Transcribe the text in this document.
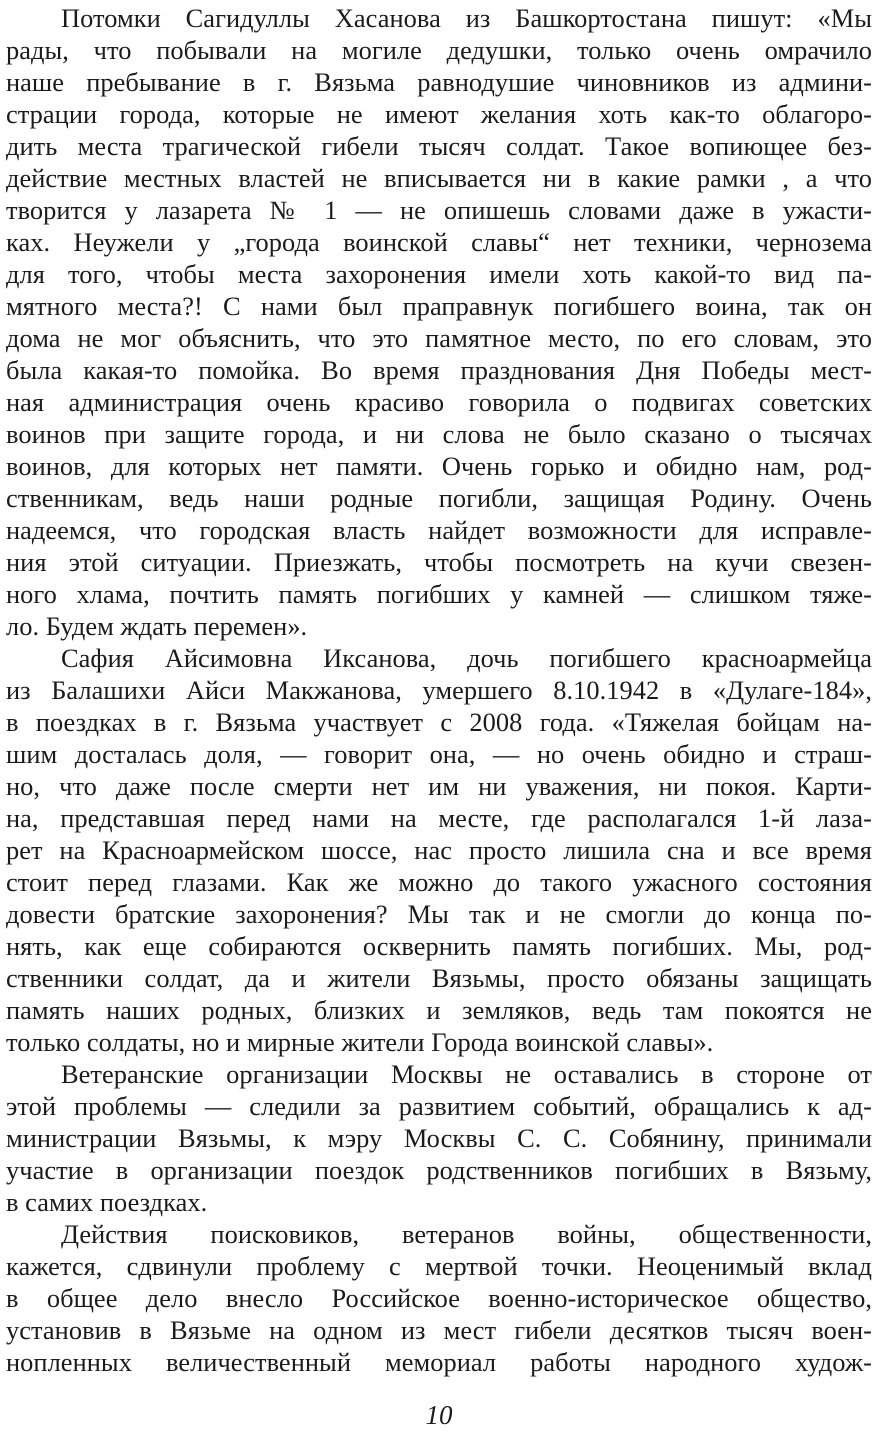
Потомки Сагидуллы Хасанова из Башкортостана пишут: «Мы
рады, что побывали на могиле дедушки, только очень омрачило
наше пребывание в г. Вязьма равнодушие чиновников из админи-
страции города, которые не имеют желания хоть как-то облагоро-
дить места трагической гибели тысяч солдат. Такое вопиющее без-
действие местных властей не вписывается ни в какие рамки , а что
творится у лазарета № 1 — не опишешь словами даже в ужасти-
ках. Неужели у „города воинской славы“ нет техники, чернозема
для того, чтобы места захоронения имели хоть какой-то вид па-
мятного места?! С нами был праправнук погибшего воина, так он
дома не мог объяснить, что это памятное место, по его словам, это
была какая-то помойка. Во время празднования Дня Победы мест-
ная администрация очень красиво говорила о подвигах советских
воинов при защите города, и ни слова не было сказано о тысячах
воинов, для которых нет памяти. Очень горько и обидно нам, род-
ственникам, ведь наши родные погибли, защищая Родину. Очень
надеемся, что городская власть найдет возможности для исправле-
ния этой ситуации. Приезжать, чтобы посмотреть на кучи свезен-
ного хлама, почтить память погибших у камней — слишком тяже-
ло. Будем ждать перемен».
Сафия Айсимовна Иксанова, дочь погибшего красноармейца
из Балашихи Айси Макжанова, умершего 8.10.1942 в «Дулаге-184»,
в поездках в г. Вязьма участвует с 2008 года. «Тяжелая бойцам на-
шим досталась доля, — говорит она, — но очень обидно и страш-
но, что даже после смерти нет им ни уважения, ни покоя. Карти-
на, представшая перед нами на месте, где располагался 1-й лаза-
рет на Красноармейском шоссе, нас просто лишила сна и все время
стоит перед глазами. Как же можно до такого ужасного состояния
довести братские захоронения? Мы так и не смогли до конца по-
нять, как еще собираются осквернить память погибших. Мы, род-
ственники солдат, да и жители Вязьмы, просто обязаны защищать
память наших родных, близких и земляков, ведь там покоятся не
только солдаты, но и мирные жители Города воинской славы».
Ветеранские организации Москвы не оставались в стороне от
этой проблемы — следили за развитием событий, обращались к ад-
министрации Вязьмы, к мэру Москвы С. С. Собянину, принимали
участие в организации поездок родственников погибших в Вязьму,
в самих поездках.
Действия поисковиков, ветеранов войны, общественности,
кажется, сдвинули проблему с мертвой точки. Неоценимый вклад
в общее дело внесло Российское военно-историческое общество,
установив в Вязьме на одном из мест гибели десятков тысяч воен-
нопленных величественный мемориал работы народного худож-
10
